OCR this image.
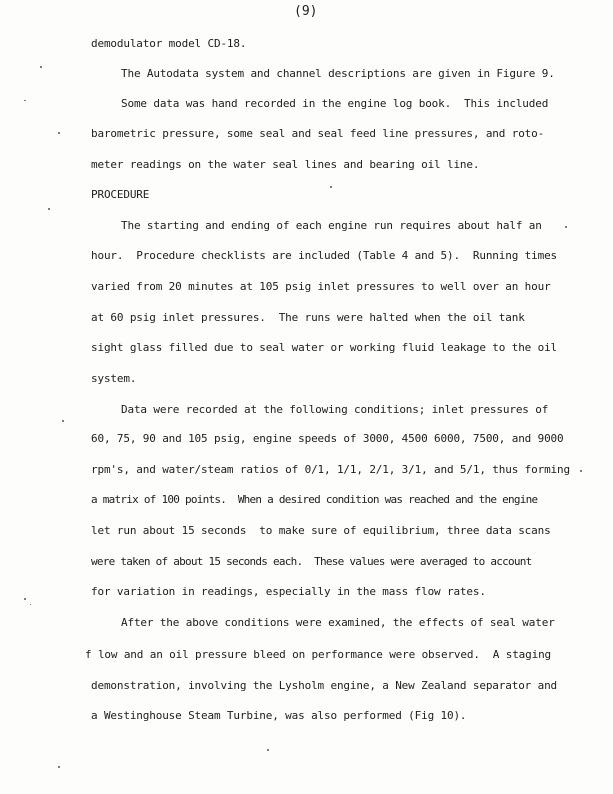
(9)
demodulator model CD-18.
The Autodata system and channel descriptions are given in Figure 9.
Some data was hand recorded in the engine log book.  This included
barometric pressure, some seal and seal feed line pressures, and roto-
meter readings on the water seal lines and bearing oil line.
PROCEDURE
The starting and ending of each engine run requires about half an
hour.  Procedure checklists are included (Table 4 and 5).  Running times
varied from 20 minutes at 105 psig inlet pressures to well over an hour
at 60 psig inlet pressures.  The runs were halted when the oil tank
sight glass filled due to seal water or working fluid leakage to the oil
system.
Data were recorded at the following conditions; inlet pressures of
60, 75, 90 and 105 psig, engine speeds of 3000, 4500 6000, 7500, and 9000
rpm's, and water/steam ratios of 0/1, 1/1, 2/1, 3/1, and 5/1, thus forming
a matrix of 100 points.  When a desired condition was reached and the engine
let run about 15 seconds  to make sure of equilibrium, three data scans
were taken of about 15 seconds each.  These values were averaged to account
for variation in readings, especially in the mass flow rates.
After the above conditions were examined, the effects of seal water
f low and an oil pressure bleed on performance were observed.  A staging
demonstration, involving the Lysholm engine, a New Zealand separator and
a Westinghouse Steam Turbine, was also performed (Fig 10).
